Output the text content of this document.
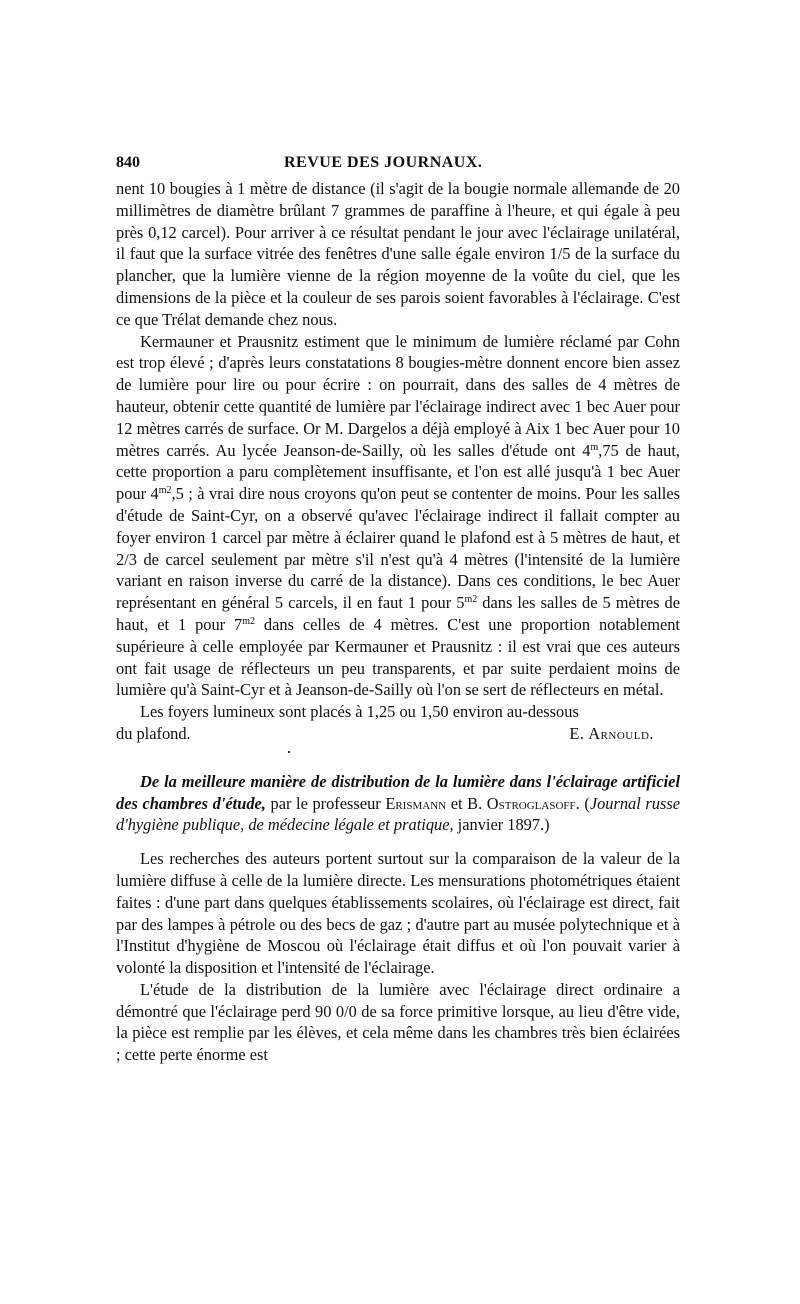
840	REVUE DES JOURNAUX.

nent 10 bougies à 1 mètre de distance (il s'agit de la bougie normale allemande de 20 millimètres de diamètre brûlant 7 grammes de paraffine à l'heure, et qui égale à peu près 0,12 carcel). Pour arriver à ce résultat pendant le jour avec l'éclairage unilatéral, il faut que la surface vitrée des fenêtres d'une salle égale environ 1/5 de la surface du plancher, que la lumière vienne de la région moyenne de la voûte du ciel, que les dimensions de la pièce et la couleur de ses parois soient favorables à l'éclairage. C'est ce que Trélat demande chez nous.

Kermauner et Prausnitz estiment que le minimum de lumière réclamé par Cohn est trop élevé ; d'après leurs constatations 8 bougies-mètre donnent encore bien assez de lumière pour lire ou pour écrire : on pourrait, dans des salles de 4 mètres de hauteur, obtenir cette quantité de lumière par l'éclairage indirect avec 1 bec Auer pour 12 mètres carrés de surface. Or M. Dargelos a déjà employé à Aix 1 bec Auer pour 10 mètres carrés. Au lycée Jeanson-de-Sailly, où les salles d'étude ont 4$^m$,75 de haut, cette proportion a paru complètement insuffisante, et l'on est allé jusqu'à 1 bec Auer pour $4^{m2},5$ ; à vrai dire nous croyons qu'on peut se contenter de moins. Pour les salles d'étude de Saint-Cyr, on a observé qu'avec l'éclairage indirect il fallait compter au foyer environ 1 carcel par mètre à éclairer quand le plafond est à 5 mètres de haut, et 2/3 de carcel seulement par mètre s'il n'est qu'à 4 mètres (l'intensité de la lumière variant en raison inverse du carré de la distance). Dans ces conditions, le bec Auer représentant en général 5 carcels, il en faut 1 pour $5^{m2}$ dans les salles de 5 mètres de haut, et 1 pour $7^{m2}$ dans celles de 4 mètres. C'est une proportion notablement supérieure à celle employée par Kermauner et Prausnitz : il est vrai que ces auteurs ont fait usage de réflecteurs un peu transparents, et par suite perdaient moins de lumière qu'à Saint-Cyr et à Jeanson-de-Sailly où l'on se sert de réflecteurs en métal.

Les foyers lumineux sont placés à 1,25 ou 1,50 environ au-dessous

du plafond.	E. Arnould.

De la meilleure manière de distribution de la lumière dans l'éclairage artificiel des chambres d'étude, par le professeur Erismann et B. Ostroglasoff. (Journal russe d'hygiène publique, de médecine légale et pratique, janvier 1897.)

Les recherches des auteurs portent surtout sur la comparaison de la valeur de la lumière diffuse à celle de la lumière directe. Les mensurations photométriques étaient faites : d'une part dans quelques établissements scolaires, où l'éclairage est direct, fait par des lampes à pétrole ou des becs de gaz ; d'autre part au musée polytechnique et à l'Institut d'hygiène de Moscou où l'éclairage était diffus et où l'on pouvait varier à volonté la disposition et l'intensité de l'éclairage.

L'étude de la distribution de la lumière avec l'éclairage direct ordinaire a démontré que l'éclairage perd 90 0/0 de sa force primitive lorsque, au lieu d'être vide, la pièce est remplie par les élèves, et cela même dans les chambres très bien éclairées ; cette perte énorme est
